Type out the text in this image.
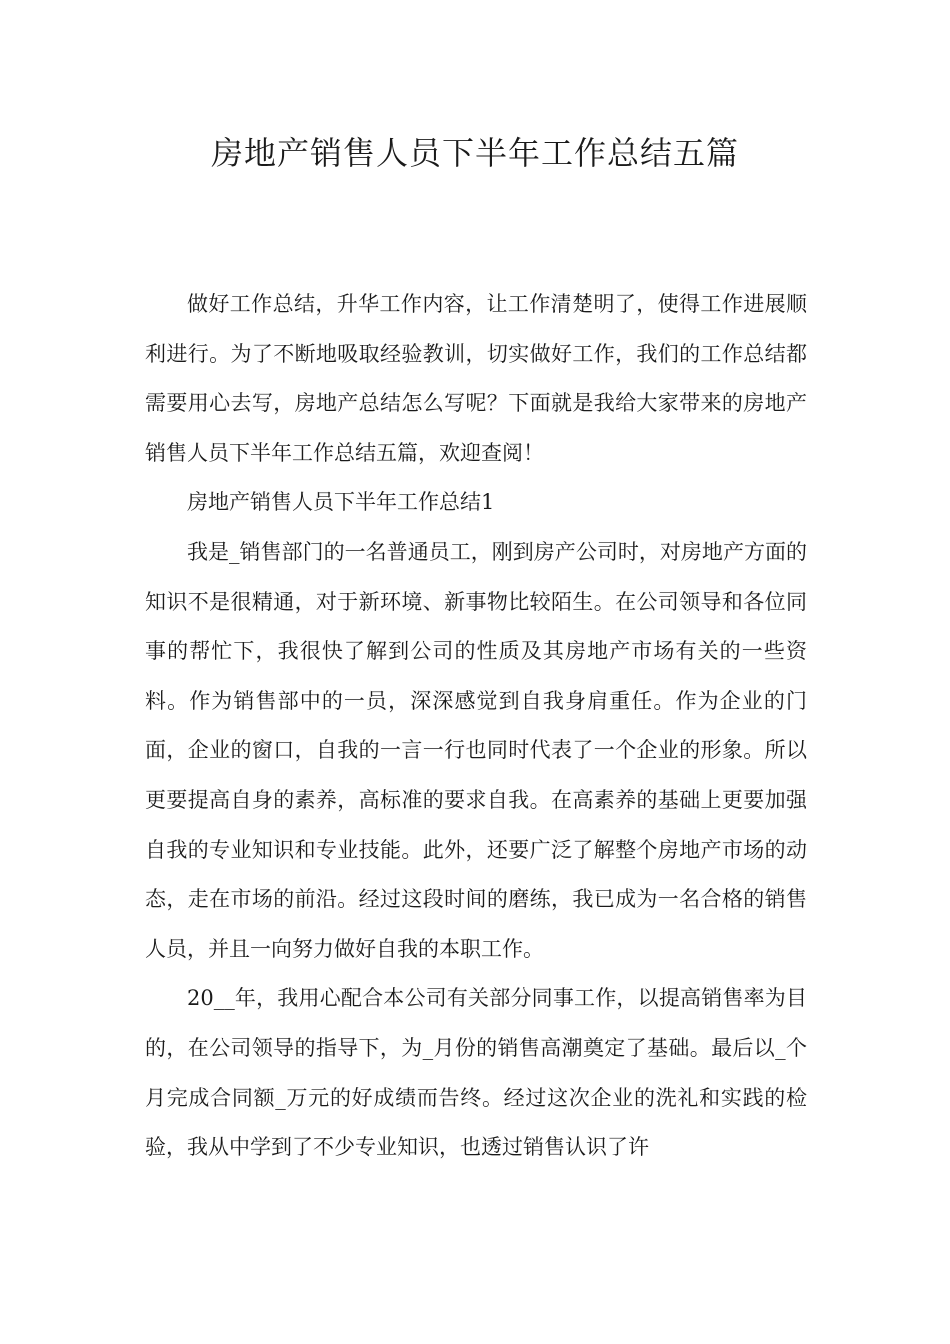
房地产销售人员下半年工作总结五篇

做好工作总结，升华工作内容，让工作清楚明了，使得工作进展顺利进行。为了不断地吸取经验教训，切实做好工作，我们的工作总结都需要用心去写，房地产总结怎么写呢？下面就是我给大家带来的房地产销售人员下半年工作总结五篇，欢迎查阅！

房地产销售人员下半年工作总结1

我是_销售部门的一名普通员工，刚到房产公司时，对房地产方面的知识不是很精通，对于新环境、新事物比较陌生。在公司领导和各位同事的帮忙下，我很快了解到公司的性质及其房地产市场有关的一些资料。作为销售部中的一员，深深感觉到自我身肩重任。作为企业的门面，企业的窗口，自我的一言一行也同时代表了一个企业的形象。所以更要提高自身的素养，高标准的要求自我。在高素养的基础上更要加强自我的专业知识和专业技能。此外，还要广泛了解整个房地产市场的动态，走在市场的前沿。经过这段时间的磨练，我已成为一名合格的销售人员，并且一向努力做好自我的本职工作。

20__年，我用心配合本公司有关部分同事工作，以提高销售率为目的，在公司领导的指导下，为_月份的销售高潮奠定了基础。最后以_个月完成合同额_万元的好成绩而告终。经过这次企业的洗礼和实践的检验，我从中学到了不少专业知识，也透过销售认识了许
